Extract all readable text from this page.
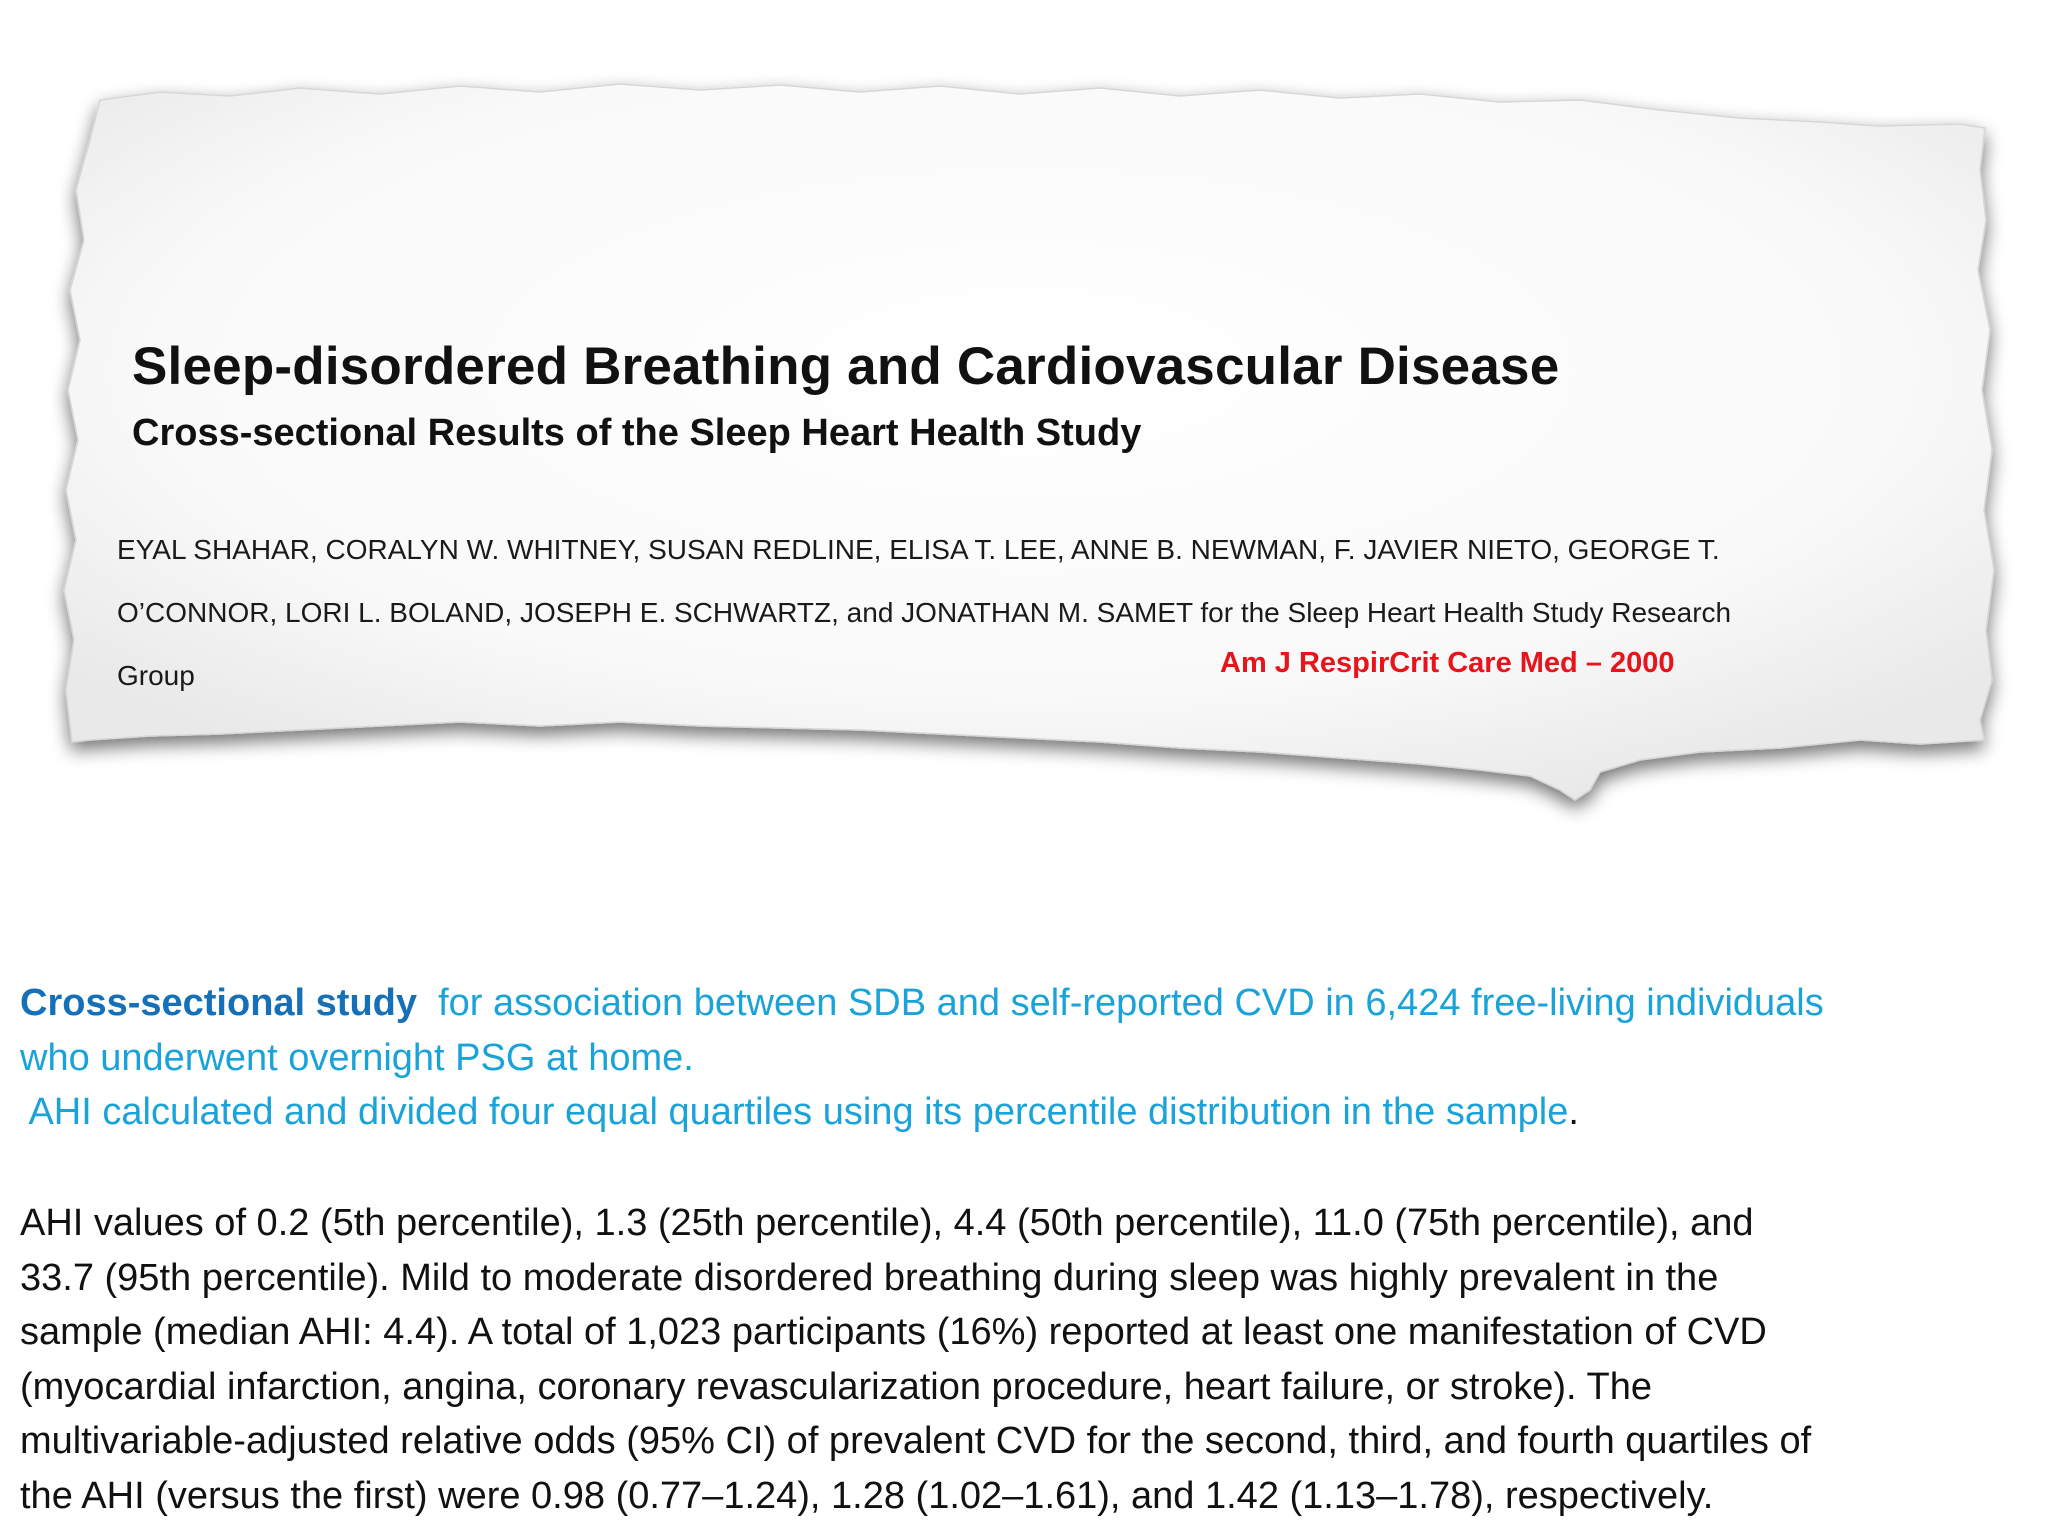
Sleep-disordered Breathing and Cardiovascular Disease
Cross-sectional Results of the Sleep Heart Health Study
EYAL SHAHAR, CORALYN W. WHITNEY, SUSAN REDLINE, ELISA T. LEE, ANNE B. NEWMAN, F. JAVIER NIETO, GEORGE T.
O’CONNOR, LORI L. BOLAND, JOSEPH E. SCHWARTZ, and JONATHAN M. SAMET for the Sleep Heart Health Study Research
Group	Am J RespirCrit Care Med – 2000
Cross-sectional study  for association between SDB and self-reported CVD in 6,424 free-living individuals
who underwent overnight PSG at home.
AHI calculated and divided four equal quartiles using its percentile distribution in the sample.
AHI values of 0.2 (5th percentile), 1.3 (25th percentile), 4.4 (50th percentile), 11.0 (75th percentile), and
33.7 (95th percentile). Mild to moderate disordered breathing during sleep was highly prevalent in the
sample (median AHI: 4.4). A total of 1,023 participants (16%) reported at least one manifestation of CVD
(myocardial infarction, angina, coronary revascularization procedure, heart failure, or stroke). The
multivariable-adjusted relative odds (95% CI) of prevalent CVD for the second, third, and fourth quartiles of
the AHI (versus the first) were 0.98 (0.77–1.24), 1.28 (1.02–1.61), and 1.42 (1.13–1.78), respectively.
